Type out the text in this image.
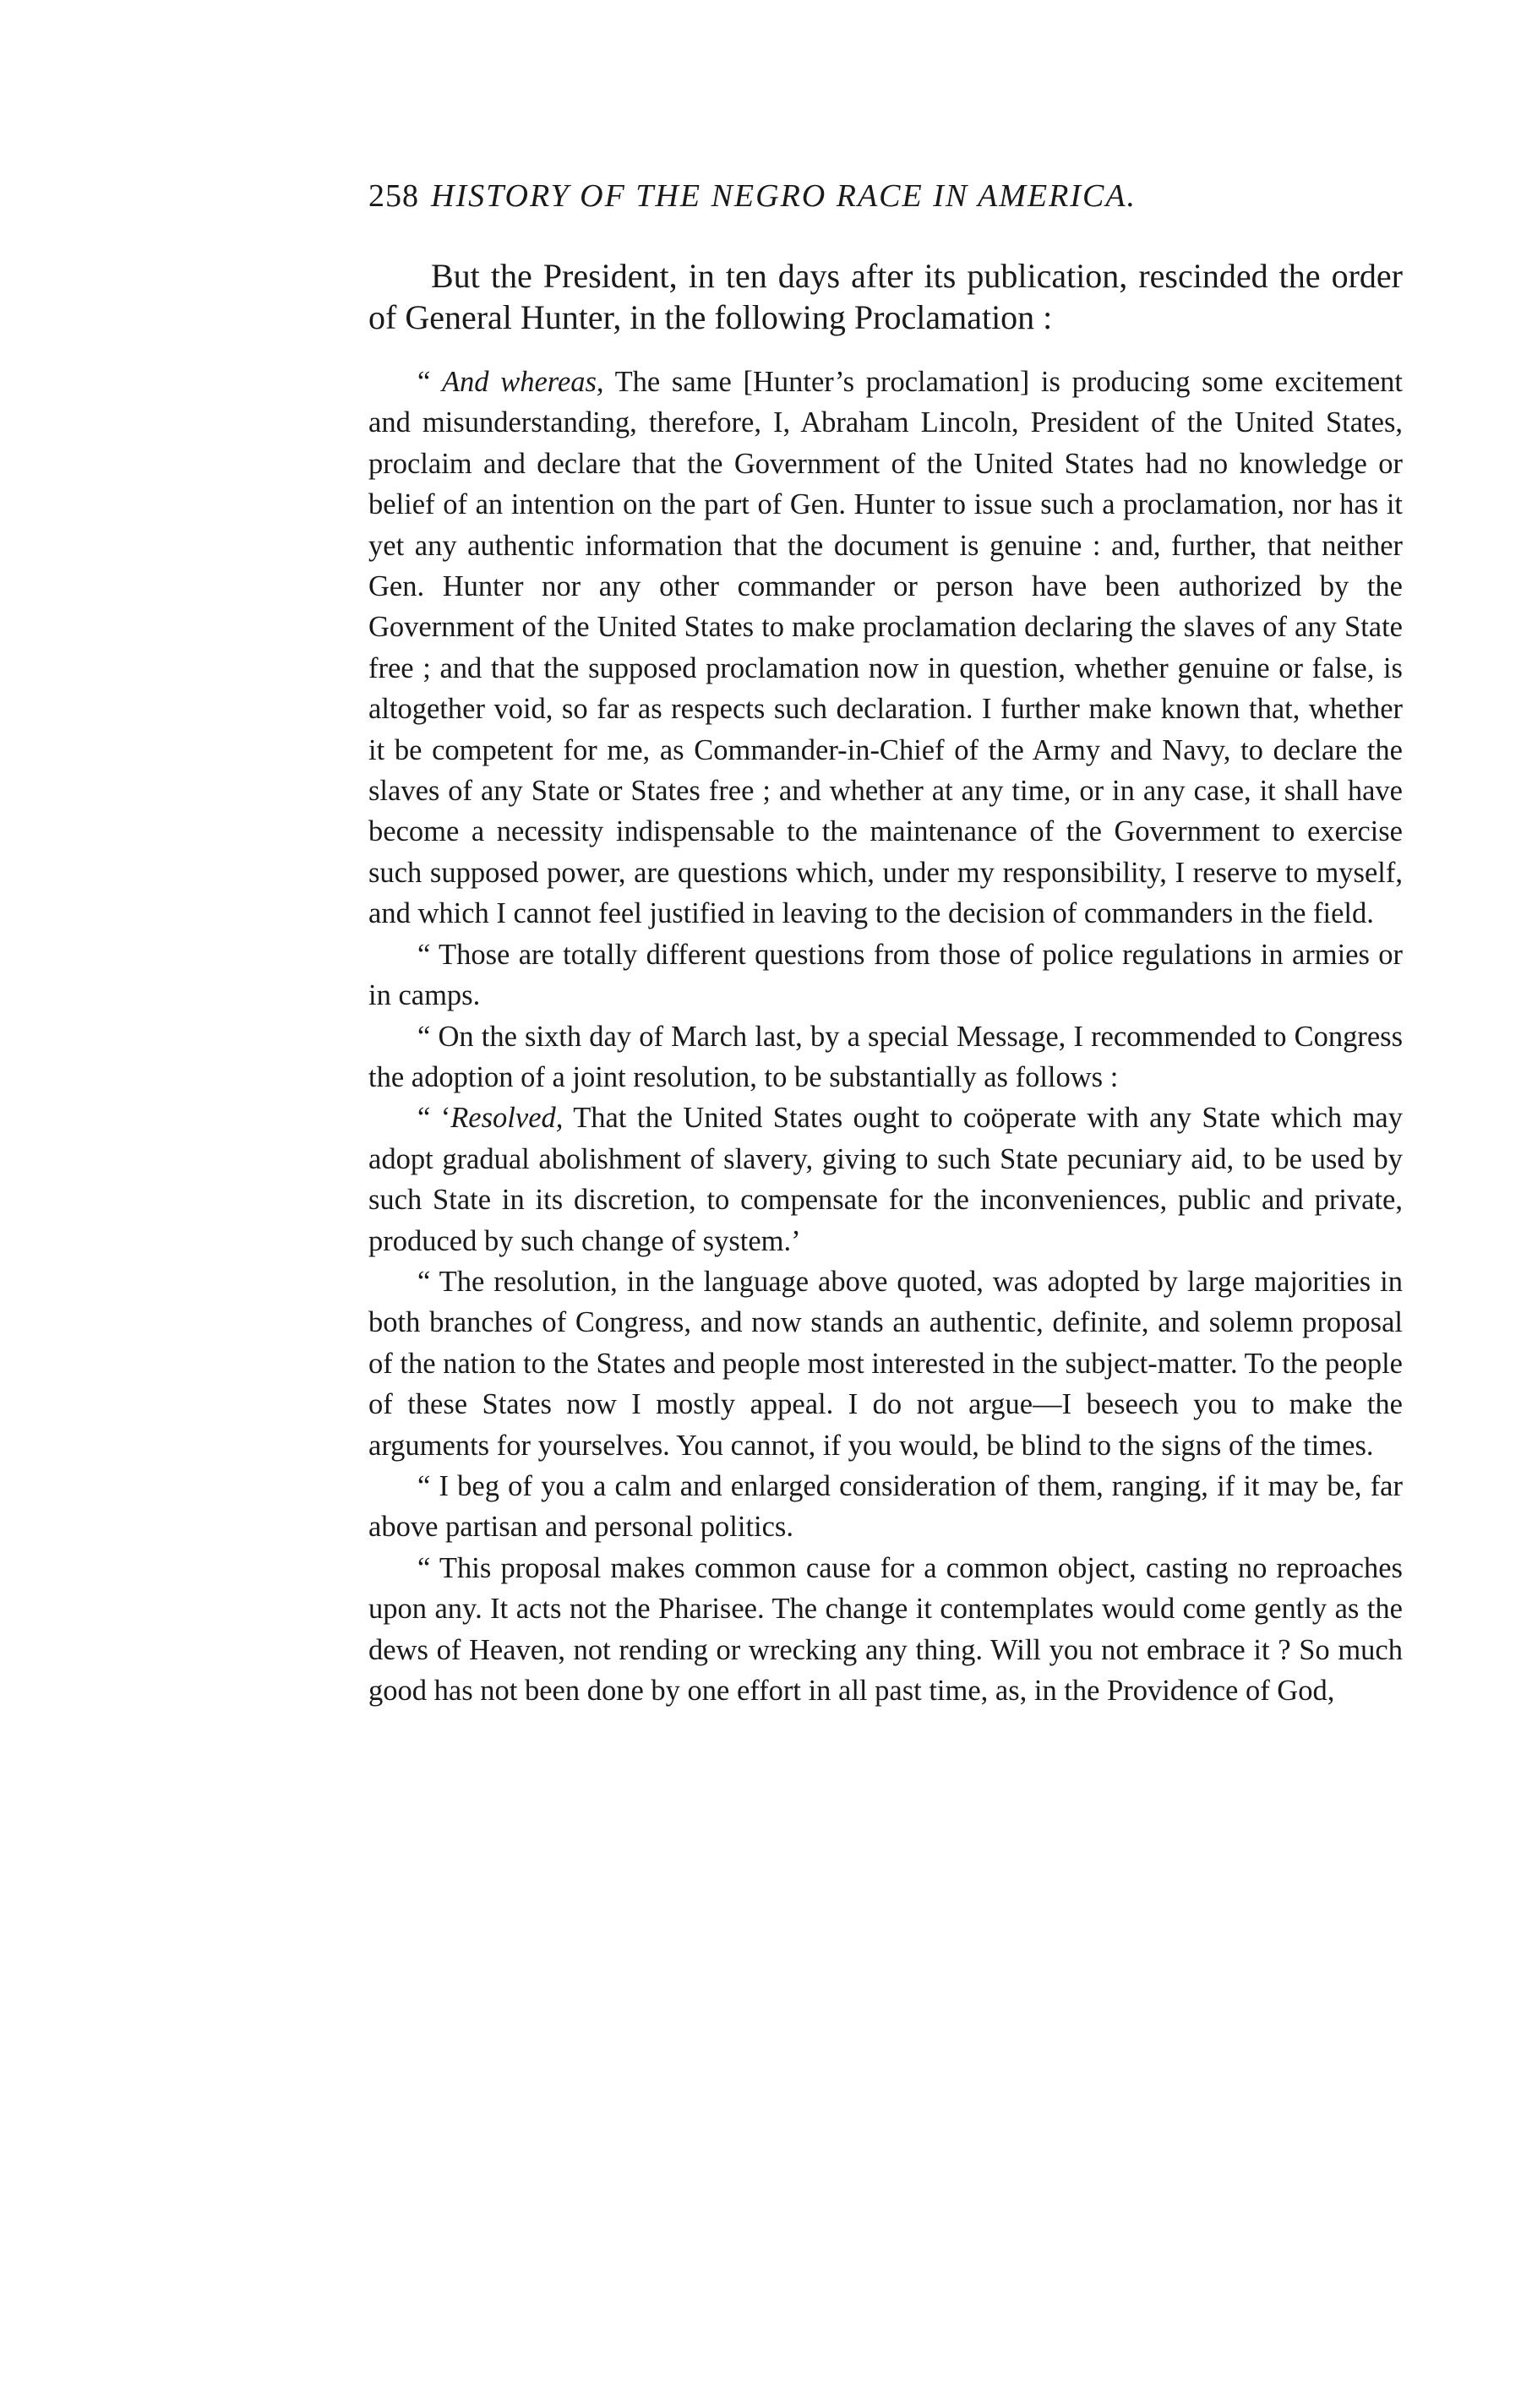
258 HISTORY OF THE NEGRO RACE IN AMERICA.

But the President, in ten days after its publication, rescinded the order of General Hunter, in the following Proclamation :

“ And whereas, The same [Hunter’s proclamation] is producing some excitement and misunderstanding, therefore, I, Abraham Lincoln, President of the United States, proclaim and declare that the Government of the United States had no knowledge or belief of an intention on the part of Gen. Hunter to issue such a proclamation, nor has it yet any authentic information that the document is genuine : and, further, that neither Gen. Hunter nor any other commander or person have been authorized by the Government of the United States to make proclamation declaring the slaves of any State free ; and that the supposed proclamation now in question, whether genuine or false, is altogether void, so far as respects such declaration. I further make known that, whether it be competent for me, as Commander-in-Chief of the Army and Navy, to declare the slaves of any State or States free ; and whether at any time, or in any case, it shall have become a necessity indispensable to the maintenance of the Government to exercise such supposed power, are questions which, under my responsibility, I reserve to myself, and which I cannot feel justified in leaving to the decision of commanders in the field.

“ Those are totally different questions from those of police regulations in armies or in camps.

“ On the sixth day of March last, by a special Message, I recommended to Congress the adoption of a joint resolution, to be substantially as follows :

“ ‘Resolved, That the United States ought to coöperate with any State which may adopt gradual abolishment of slavery, giving to such State pecuniary aid, to be used by such State in its discretion, to compensate for the inconveniences, public and private, produced by such change of system.’

“ The resolution, in the language above quoted, was adopted by large majorities in both branches of Congress, and now stands an authentic, definite, and solemn proposal of the nation to the States and people most interested in the subject-matter. To the people of these States now I mostly appeal. I do not argue—I beseech you to make the arguments for yourselves. You cannot, if you would, be blind to the signs of the times.

“ I beg of you a calm and enlarged consideration of them, ranging, if it may be, far above partisan and personal politics.

“ This proposal makes common cause for a common object, casting no reproaches upon any. It acts not the Pharisee. The change it contemplates would come gently as the dews of Heaven, not rending or wrecking any thing. Will you not embrace it ? So much good has not been done by one effort in all past time, as, in the Providence of God,
